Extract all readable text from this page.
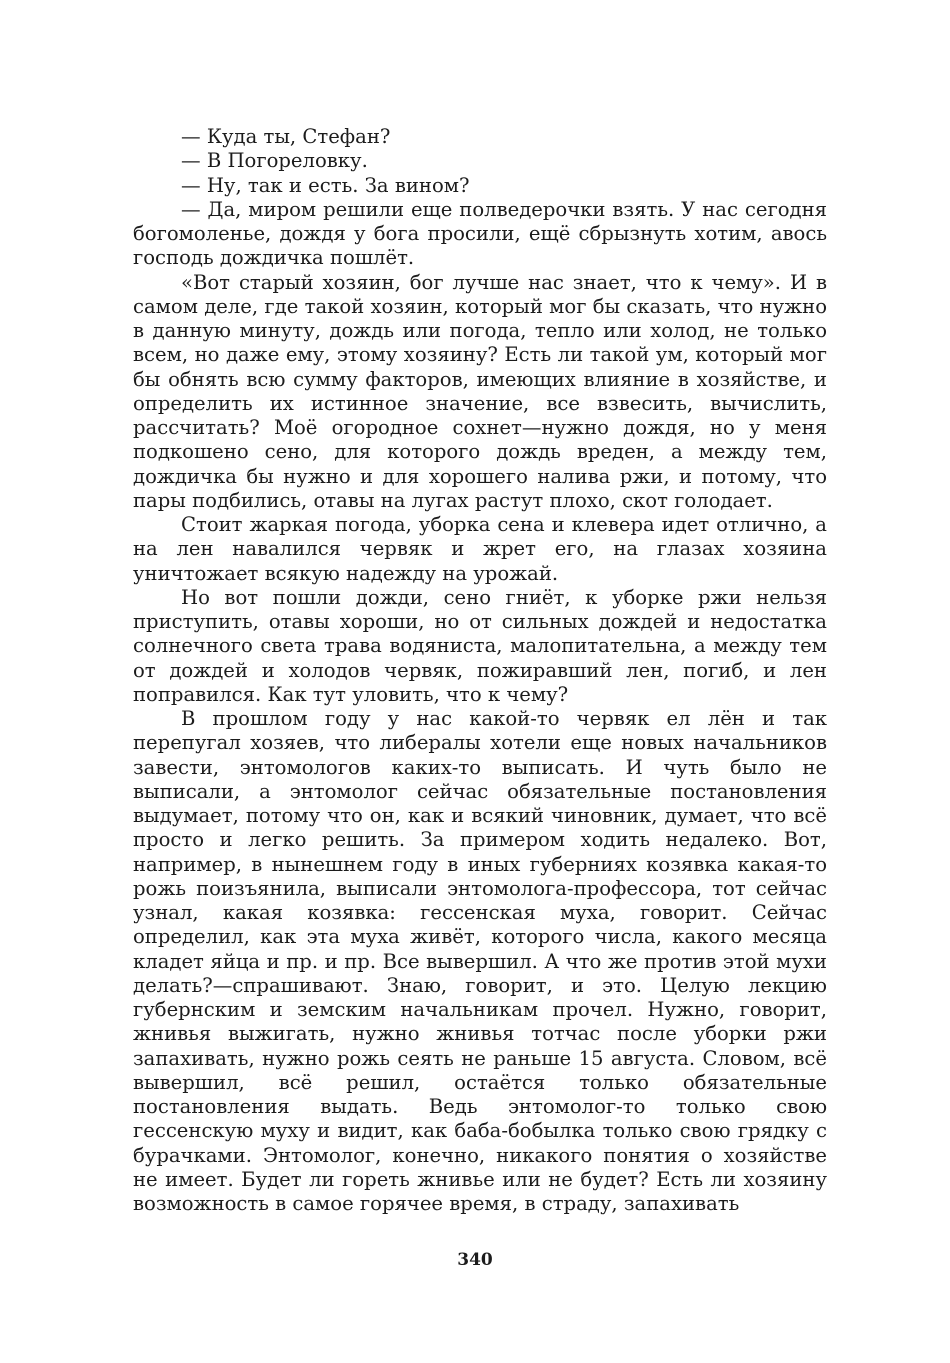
— Куда ты, Стефан?

— В Погореловку.

— Ну, так и есть. За вином?

— Да, миром решили еще полведерочки взять. У нас сегодня богомоленье, дождя у бога просили, ещё сбрызнуть хотим, авось господь дождичка пошлёт.

«Вот старый хозяин, бог лучше нас знает, что к чему». И в самом деле, где такой хозяин, который мог бы сказать, что нужно в данную минуту, дождь или погода, тепло или холод, не только всем, но даже ему, этому хозяину? Есть ли такой ум, который мог бы обнять всю сумму факторов, имеющих влияние в хозяйстве, и определить их истинное значение, все взвесить, вычислить, рассчитать? Моё огородное сохнет—нужно дождя, но у меня подкошено сено, для которого дождь вреден, а между тем, дождичка бы нужно и для хорошего налива ржи, и потому, что пары подбились, отавы на лугах растут плохо, скот голодает.

Стоит жаркая погода, уборка сена и клевера идет отлично, а на лен навалился червяк и жрет его, на глазах хозяина уничтожает всякую надежду на урожай.

Но вот пошли дожди, сено гниёт, к уборке ржи нельзя приступить, отавы хороши, но от сильных дождей и недостатка солнечного света трава водяниста, малопитательна, а между тем от дождей и холодов червяк, пожиравший лен, погиб, и лен поправился. Как тут уловить, что к чему?

В прошлом году у нас какой-то червяк ел лён и так перепугал хозяев, что либералы хотели еще новых начальников завести, энтомологов каких-то выписать. И чуть было не выписали, а энтомолог сейчас обязательные постановления выдумает, потому что он, как и всякий чиновник, думает, что всё просто и легко решить. За примером ходить недалеко. Вот, например, в нынешнем году в иных губерниях козявка какая-то рожь поизъянила, выписали энтомолога-профессора, тот сейчас узнал, какая козявка: гессенская муха, говорит. Сейчас определил, как эта муха живёт, которого числа, какого месяца кладет яйца и пр. и пр. Все вывершил. А что же против этой мухи делать?—спрашивают. Знаю, говорит, и это. Целую лекцию губернским и земским начальникам прочел. Нужно, говорит, жнивья выжигать, нужно жнивья тотчас после уборки ржи запахивать, нужно рожь сеять не раньше 15 августа. Словом, всё вывершил, всё решил, остаётся только обязательные постановления выдать. Ведь энтомолог-то только свою гессенскую муху и видит, как баба-бобылка только свою грядку с бурачками. Энтомолог, конечно, никакого понятия о хозяйстве не имеет. Будет ли гореть жнивье или не будет? Есть ли хозяину возможность в самое горячее время, в страду, запахивать

340
